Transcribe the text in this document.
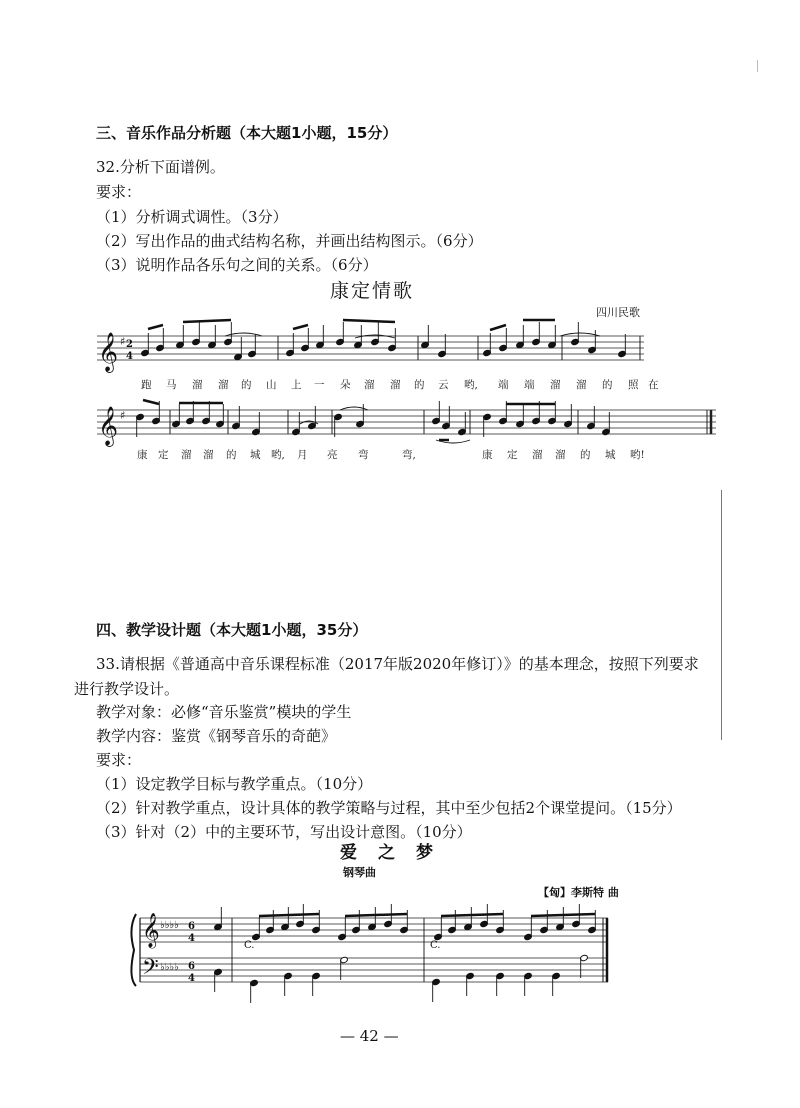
三、音乐作品分析题（本大题1小题，15分）
32.分析下面谱例。
要求：
（1）分析调式调性。（3分）
（2）写出作品的曲式结构名称，并画出结构图示。（6分）
（3）说明作品各乐句之间的关系。（6分）
康定情歌
四川民歌
𝄞 ♯ 2
4
𝄞 ♯
𝄞
𝄢
♭♭♭♭
♭♭♭♭
6
4
6
4
C.	C.
跑 马 溜 溜 的 山 上 一 朵 溜 溜 的 云 哟, 端 端 溜 溜 的 照 在
康 定 溜 溜 的 城 哟, 月 亮 弯	弯,	康 定 溜 溜 的 城 哟!
四、教学设计题（本大题1小题，35分）
33.请根据《普通高中音乐课程标准（2017年版2020年修订）》的基本理念，按照下列要求
进行教学设计。
教学对象：必修“音乐鉴赏”模块的学生
教学内容：鉴赏《钢琴音乐的奇葩》
要求：
（1）设定教学目标与教学重点。（10分）
（2）针对教学重点，设计具体的教学策略与过程，其中至少包括2个课堂提问。（15分）
（3）针对（2）中的主要环节，写出设计意图。（10分）
爱　之　梦
钢琴曲
【匈】李斯特 曲
— 42 —
